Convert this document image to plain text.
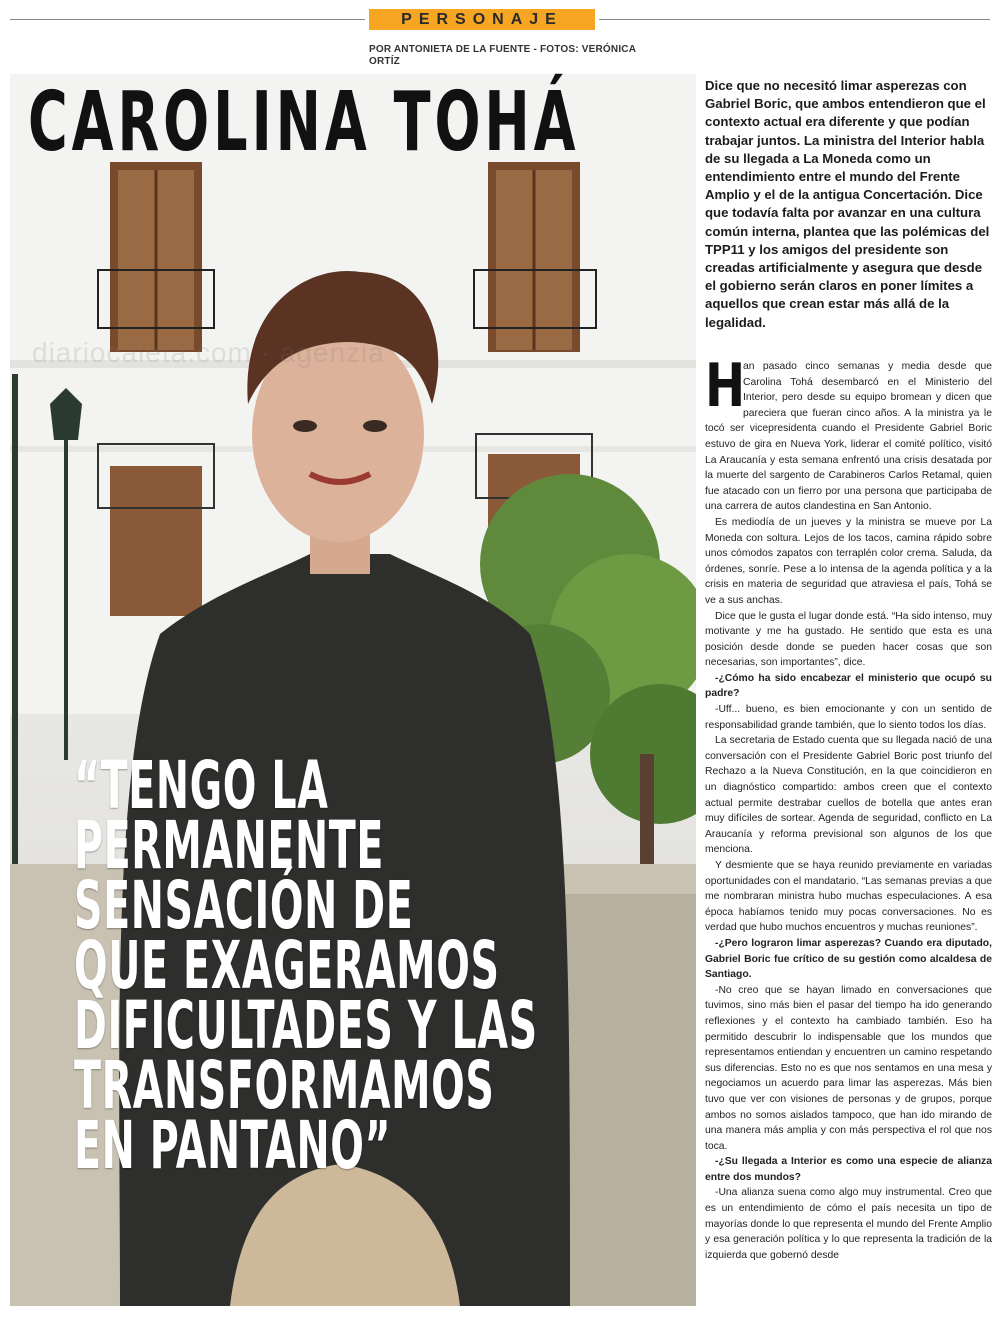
PERSONAJE
POR ANTONIETA DE LA FUENTE - FOTOS: VERÓNICA ORTÍZ
diariocaleta.com · agenzia
CAROLINA TOHÁ

“TENGO LA
PERMANENTE
SENSACIÓN DE
QUE EXAGERAMOS
DIFICULTADES Y LAS
TRANSFORMAMOS
EN PANTANO”

Dice que no necesitó limar asperezas con Gabriel Boric, que ambos entendieron que el contexto actual era diferente y que podían trabajar juntos. La ministra del Interior habla de su llegada a La Moneda como un entendimiento entre el mundo del Frente Amplio y el de la antigua Concertación. Dice que todavía falta por avanzar en una cultura común interna, plantea que las polémicas del TPP11 y los amigos del presidente son creadas artificialmente y asegura que desde el gobierno serán claros en poner límites a aquellos que crean estar más allá de la legalidad.

H
an pasado cinco semanas y media desde que Carolina Tohá desembarcó en el Ministerio del Interior, pero desde su equipo bromean y dicen que pareciera que fueran cinco años. A la ministra ya le tocó ser vicepresidenta cuando el Presidente Gabriel Boric estuvo de gira en Nueva York, liderar el comité político, visitó La Araucanía y esta semana enfrentó una crisis desatada por la muerte del sargento de Carabineros Carlos Retamal, quien fue atacado con un fierro por una persona que participaba de una carrera de autos clandestina en San Antonio.

Es mediodía de un jueves y la ministra se mueve por La Moneda con soltura. Lejos de los tacos, camina rápido sobre unos cómodos zapatos con terraplén color crema. Saluda, da órdenes, sonríe. Pese a lo intensa de la agenda política y a la crisis en materia de seguridad que atraviesa el país, Tohá se ve a sus anchas.

Dice que le gusta el lugar donde está. “Ha sido intenso, muy motivante y me ha gustado. He sentido que esta es una posición desde donde se pueden hacer cosas que son necesarias, son importantes”, dice.

-¿Cómo ha sido encabezar el ministerio que ocupó su padre?

-Uff... bueno, es bien emocionante y con un sentido de responsabilidad grande también, que lo siento todos los días.

La secretaria de Estado cuenta que su llegada nació de una conversación con el Presidente Gabriel Boric post triunfo del Rechazo a la Nueva Constitución, en la que coincidieron en un diagnóstico compartido: ambos creen que el contexto actual permite destrabar cuellos de botella que antes eran muy difíciles de sortear. Agenda de seguridad, conflicto en La Araucanía y reforma previsional son algunos de los que menciona.

Y desmiente que se haya reunido previamente en variadas oportunidades con el mandatario. “Las semanas previas a que me nombraran ministra hubo muchas especulaciones. A esa época habíamos tenido muy pocas conversaciones. No es verdad que hubo muchos encuentros y muchas reuniones”.

-¿Pero lograron limar asperezas? Cuando era diputado, Gabriel Boric fue crítico de su gestión como alcaldesa de Santiago.

-No creo que se hayan limado en conversaciones que tuvimos, sino más bien el pasar del tiempo ha ido generando reflexiones y el contexto ha cambiado también. Eso ha permitido descubrir lo indispensable que los mundos que representamos entiendan y encuentren un camino respetando sus diferencias. Esto no es que nos sentamos en una mesa y negociamos un acuerdo para limar las asperezas. Más bien tuvo que ver con visiones de personas y de grupos, porque ambos no somos aislados tampoco, que han ido mirando de una manera más amplia y con más perspectiva el rol que nos toca.

-¿Su llegada a Interior es como una especie de alianza entre dos mundos?

-Una alianza suena como algo muy instrumental. Creo que es un entendimiento de cómo el país necesita un tipo de mayorías donde lo que representa el mundo del Frente Amplio y esa generación política y lo que representa la tradición de la izquierda que gobernó desde
